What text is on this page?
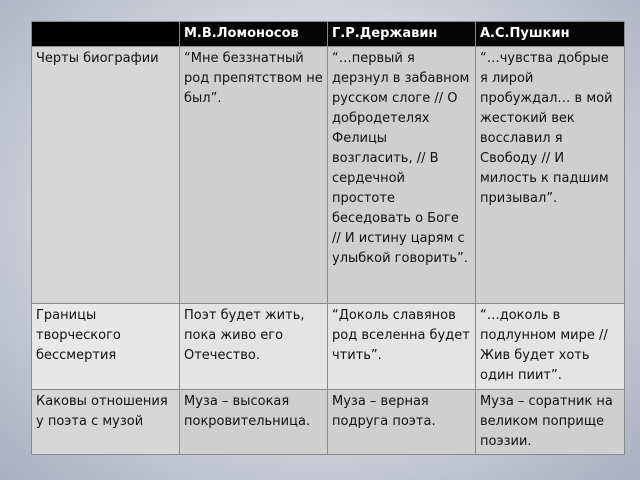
	М.В.Ломоносов	Г.Р.Державин	А.С.Пушкин
Черты биографии	“Мне беззнатный род препятством не был”.	“…первый я дерзнул в забавном русском слоге // О добродетелях Фелицы возгласить, // В сердечной простоте беседовать о Боге // И истину царям с улыбкой говорить”.	“…чувства добрые я лирой пробуждал… в мой жестокий век восславил я Свободу // И милость к падшим призывал”.
Границы творческого бессмертия	Поэт будет жить, пока живо его Отечество.	“Доколь славянов род вселенна будет чтить”.	“…доколь в подлунном мире // Жив будет хоть один пиит”.
Каковы отношения у поэта с музой	Муза – высокая покровительница.	Муза – верная подруга поэта.	Муза – соратник на великом поприще поэзии.
